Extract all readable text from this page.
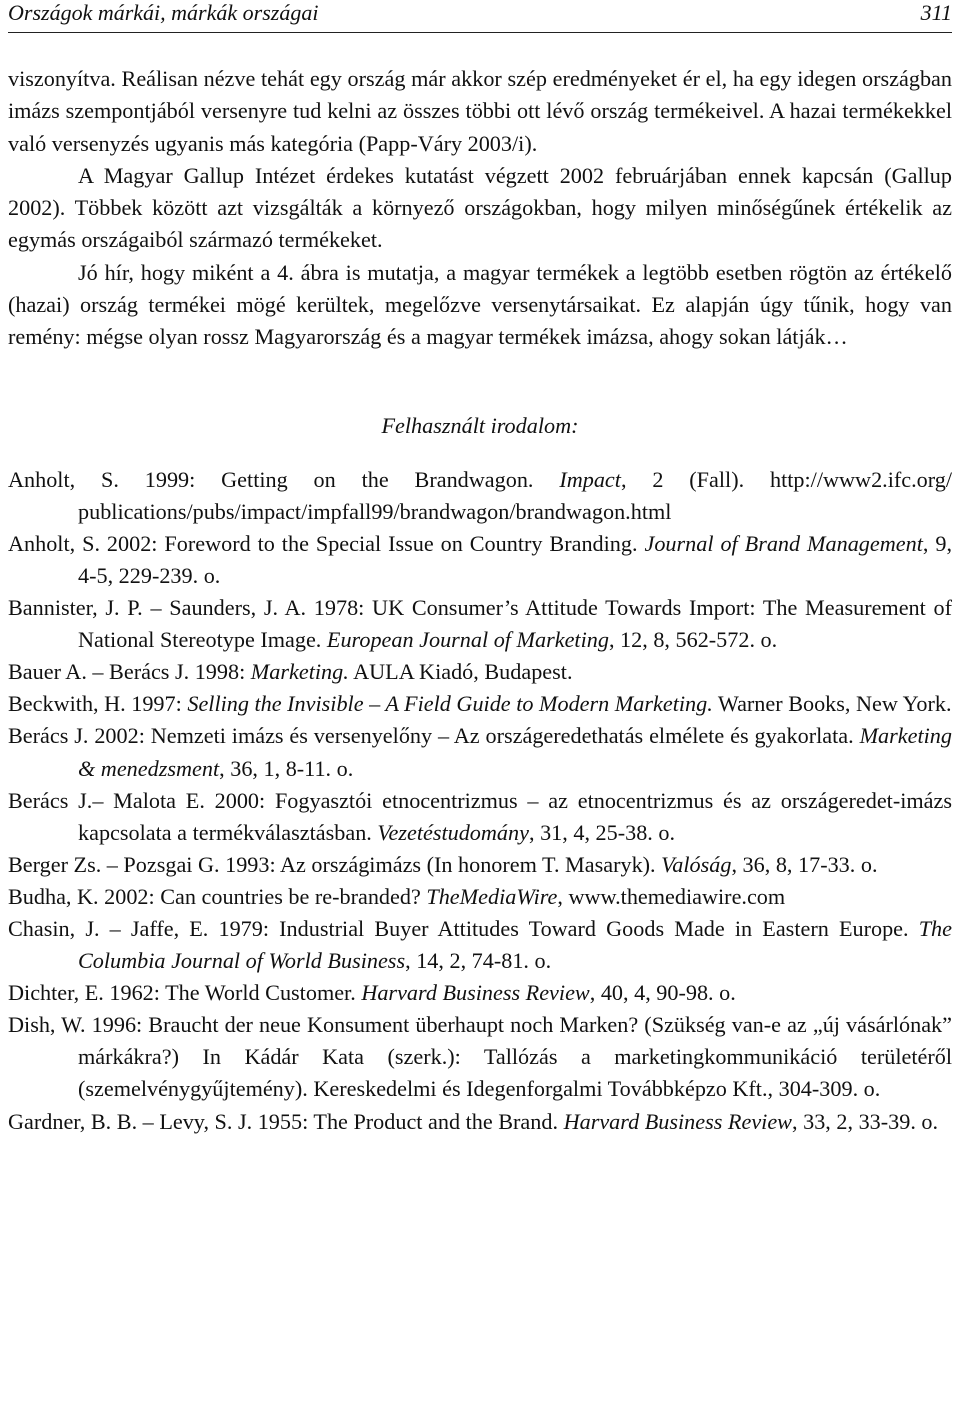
Országok márkái, márkák országai	311

viszonyítva. Reálisan nézve tehát egy ország már akkor szép eredményeket ér el, ha egy idegen országban imázs szempontjából versenyre tud kelni az összes többi ott lévő ország termékeivel. A hazai termékekkel való versenyzés ugyanis más kategória (Papp-Váry 2003/i).

A Magyar Gallup Intézet érdekes kutatást végzett 2002 februárjában ennek kapcsán (Gallup 2002). Többek között azt vizsgálták a környező országokban, hogy milyen minőségűnek értékelik az egymás országaiból származó termékeket.

Jó hír, hogy miként a 4. ábra is mutatja, a magyar termékek a legtöbb esetben rögtön az értékelő (hazai) ország termékei mögé kerültek, megelőzve versenytársaikat. Ez alapján úgy tűnik, hogy van remény: mégse olyan rossz Magyarország és a magyar termékek imázsa, ahogy sokan látják…

Felhasznált irodalom:

Anholt, S. 1999: Getting on the Brandwagon. Impact, 2 (Fall). http://www2.ifc.org/ publications/pubs/impact/impfall99/brandwagon/brandwagon.html

Anholt, S. 2002: Foreword to the Special Issue on Country Branding. Journal of Brand Management, 9, 4-5, 229-239. o.

Bannister, J. P. – Saunders, J. A. 1978: UK Consumer’s Attitude Towards Import: The Measurement of National Stereotype Image. European Journal of Marketing, 12, 8, 562-572. o.

Bauer A. – Berács J. 1998: Marketing. AULA Kiadó, Budapest.

Beckwith, H. 1997: Selling the Invisible – A Field Guide to Modern Marketing. Warner Books, New York.

Berács J. 2002: Nemzeti imázs és versenyelőny – Az országeredethatás elmélete és gyakorlata. Marketing & menedzsment, 36, 1, 8-11. o.

Berács J.– Malota E. 2000: Fogyasztói etnocentrizmus – az etnocentrizmus és az országeredet-imázs kapcsolata a termékválasztásban. Vezetéstudomány, 31, 4, 25-38. o.

Berger Zs. – Pozsgai G. 1993: Az országimázs (In honorem T. Masaryk). Valóság, 36, 8, 17-33. o.

Budha, K. 2002: Can countries be re-branded? TheMediaWire, www.themediawire.com

Chasin, J. – Jaffe, E. 1979: Industrial Buyer Attitudes Toward Goods Made in Eastern Europe. The Columbia Journal of World Business, 14, 2, 74-81. o.

Dichter, E. 1962: The World Customer. Harvard Business Review, 40, 4, 90-98. o.

Dish, W. 1996: Braucht der neue Konsument überhaupt noch Marken? (Szükség van-e az „új vásárlónak” márkákra?) In Kádár Kata (szerk.): Tallózás a marketingkommunikáció területéről (szemelvénygyűjtemény). Kereskedelmi és Idegenforgalmi Továbbképzo Kft., 304-309. o.

Gardner, B. B. – Levy, S. J. 1955: The Product and the Brand. Harvard Business Review, 33, 2, 33-39. o.
